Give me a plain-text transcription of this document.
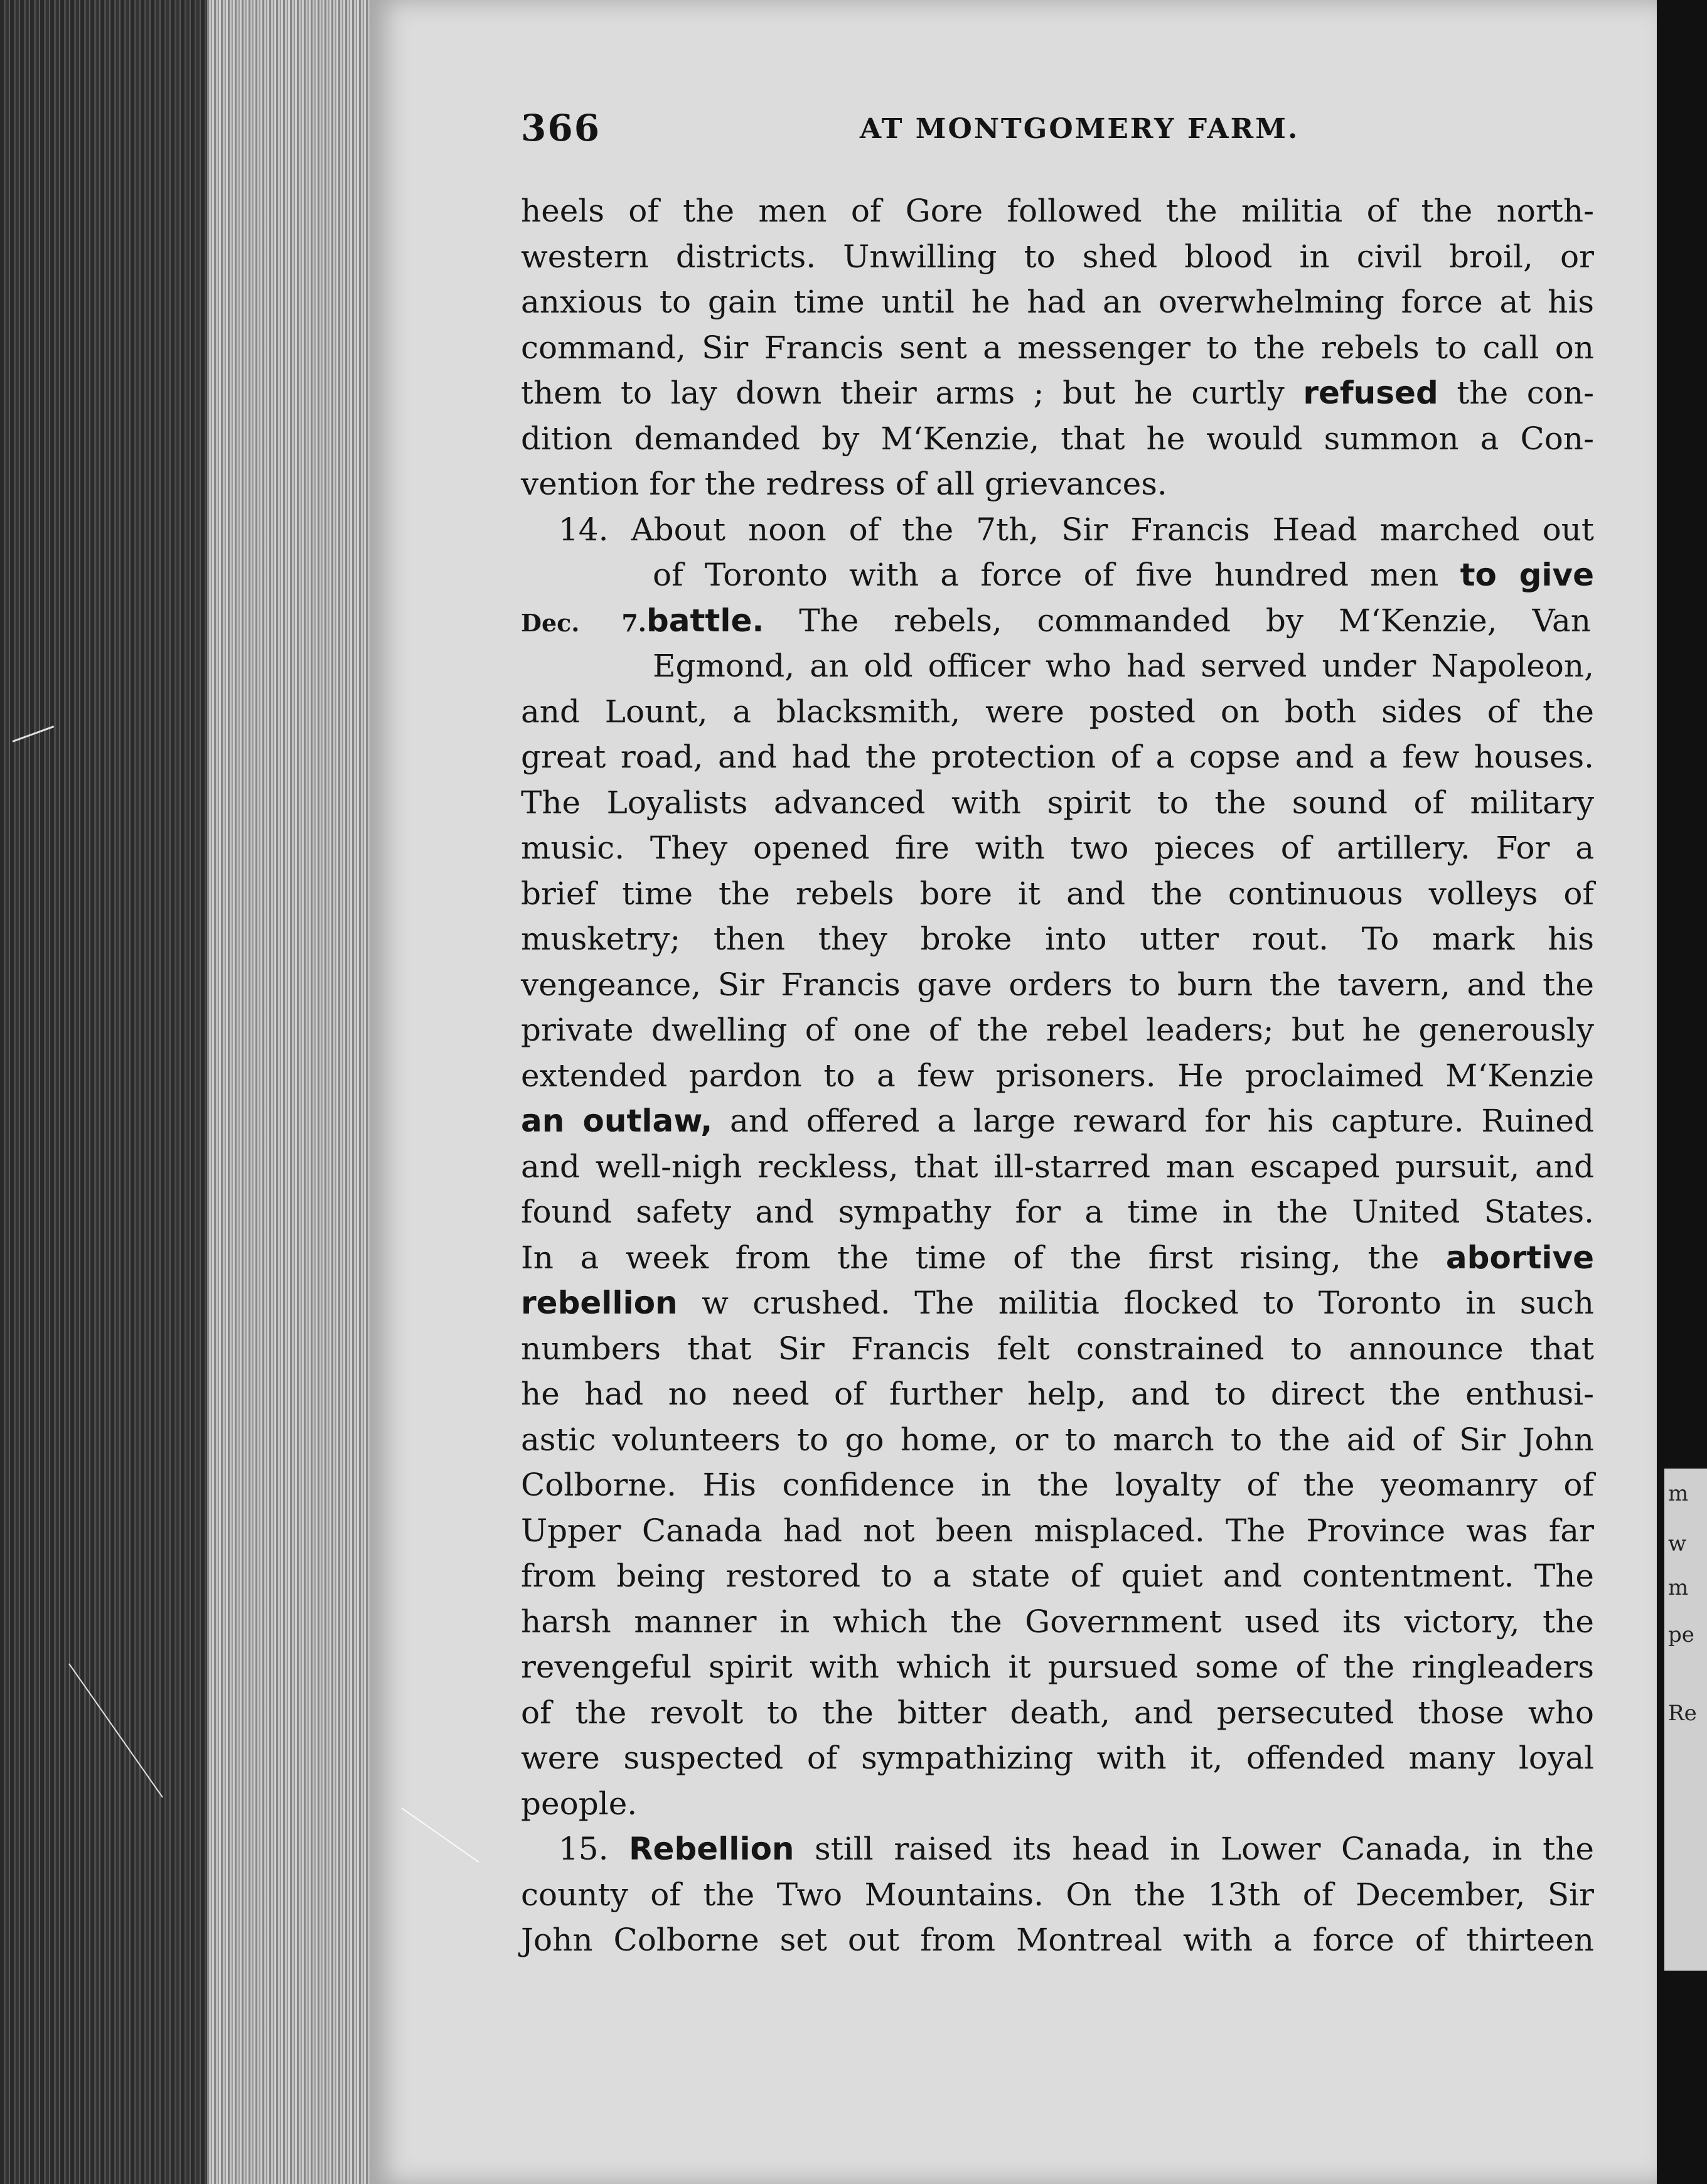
m
w
m
pe
Re
366	AT MONTGOMERY FARM.
heels of the men of Gore followed the militia of the north-
western districts. Unwilling to shed blood in civil broil, or
anxious to gain time until he had an overwhelming force at his
command, Sir Francis sent a messenger to the rebels to call on
them to lay down their arms ; but he curtly refused the con-
dition demanded by M‘Kenzie, that he would summon a Con-
vention for the redress of all grievances.
14. About noon of the 7th, Sir Francis Head marched out
of Toronto with a force of five hundred men to give
Dec. 7.battle. The rebels, commanded by M‘Kenzie, Van
Egmond, an old officer who had served under Napoleon,
and Lount, a blacksmith, were posted on both sides of the
great road, and had the protection of a copse and a few houses.
The Loyalists advanced with spirit to the sound of military
music. They opened fire with two pieces of artillery. For a
brief time the rebels bore it and the continuous volleys of
musketry; then they broke into utter rout. To mark his
vengeance, Sir Francis gave orders to burn the tavern, and the
private dwelling of one of the rebel leaders; but he generously
extended pardon to a few prisoners. He proclaimed M‘Kenzie
an outlaw, and offered a large reward for his capture. Ruined
and well-nigh reckless, that ill-starred man escaped pursuit, and
found safety and sympathy for a time in the United States.
In a week from the time of the first rising, the abortive
rebellion w crushed. The militia flocked to Toronto in such
numbers that Sir Francis felt constrained to announce that
he had no need of further help, and to direct the enthusi-
astic volunteers to go home, or to march to the aid of Sir John
Colborne. His confidence in the loyalty of the yeomanry of
Upper Canada had not been misplaced. The Province was far
from being restored to a state of quiet and contentment. The
harsh manner in which the Government used its victory, the
revengeful spirit with which it pursued some of the ringleaders
of the revolt to the bitter death, and persecuted those who
were suspected of sympathizing with it, offended many loyal
people.
15. Rebellion still raised its head in Lower Canada, in the
county of the Two Mountains. On the 13th of December, Sir
John Colborne set out from Montreal with a force of thirteen
